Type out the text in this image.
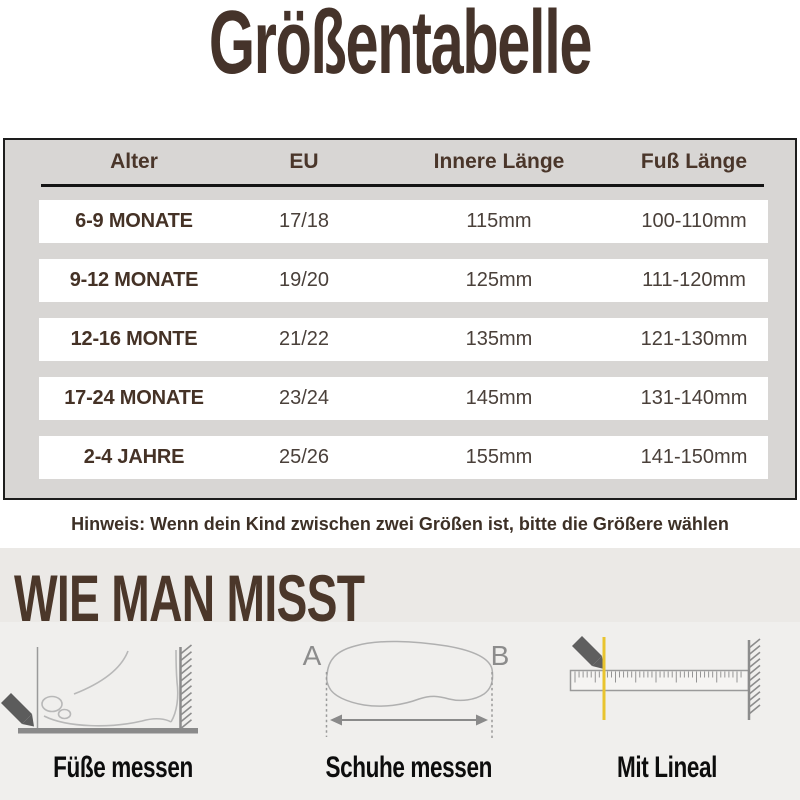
Größentabelle
Alter	EU	Innere Länge	Fuß Länge
6-9 MONATE	17/18	115mm	100-110mm
9-12 MONATE	19/20	125mm	111-120mm
12-16 MONTE	21/22	135mm	121-130mm
17-24 MONATE	23/24	145mm	131-140mm
2-4 JAHRE	25/26	155mm	141-150mm
Hinweis: Wenn dein Kind zwischen zwei Größen ist, bitte die Größere wählen
WIE MAN MISST
A	B
Füße messen	Schuhe messen	Mit Lineal
